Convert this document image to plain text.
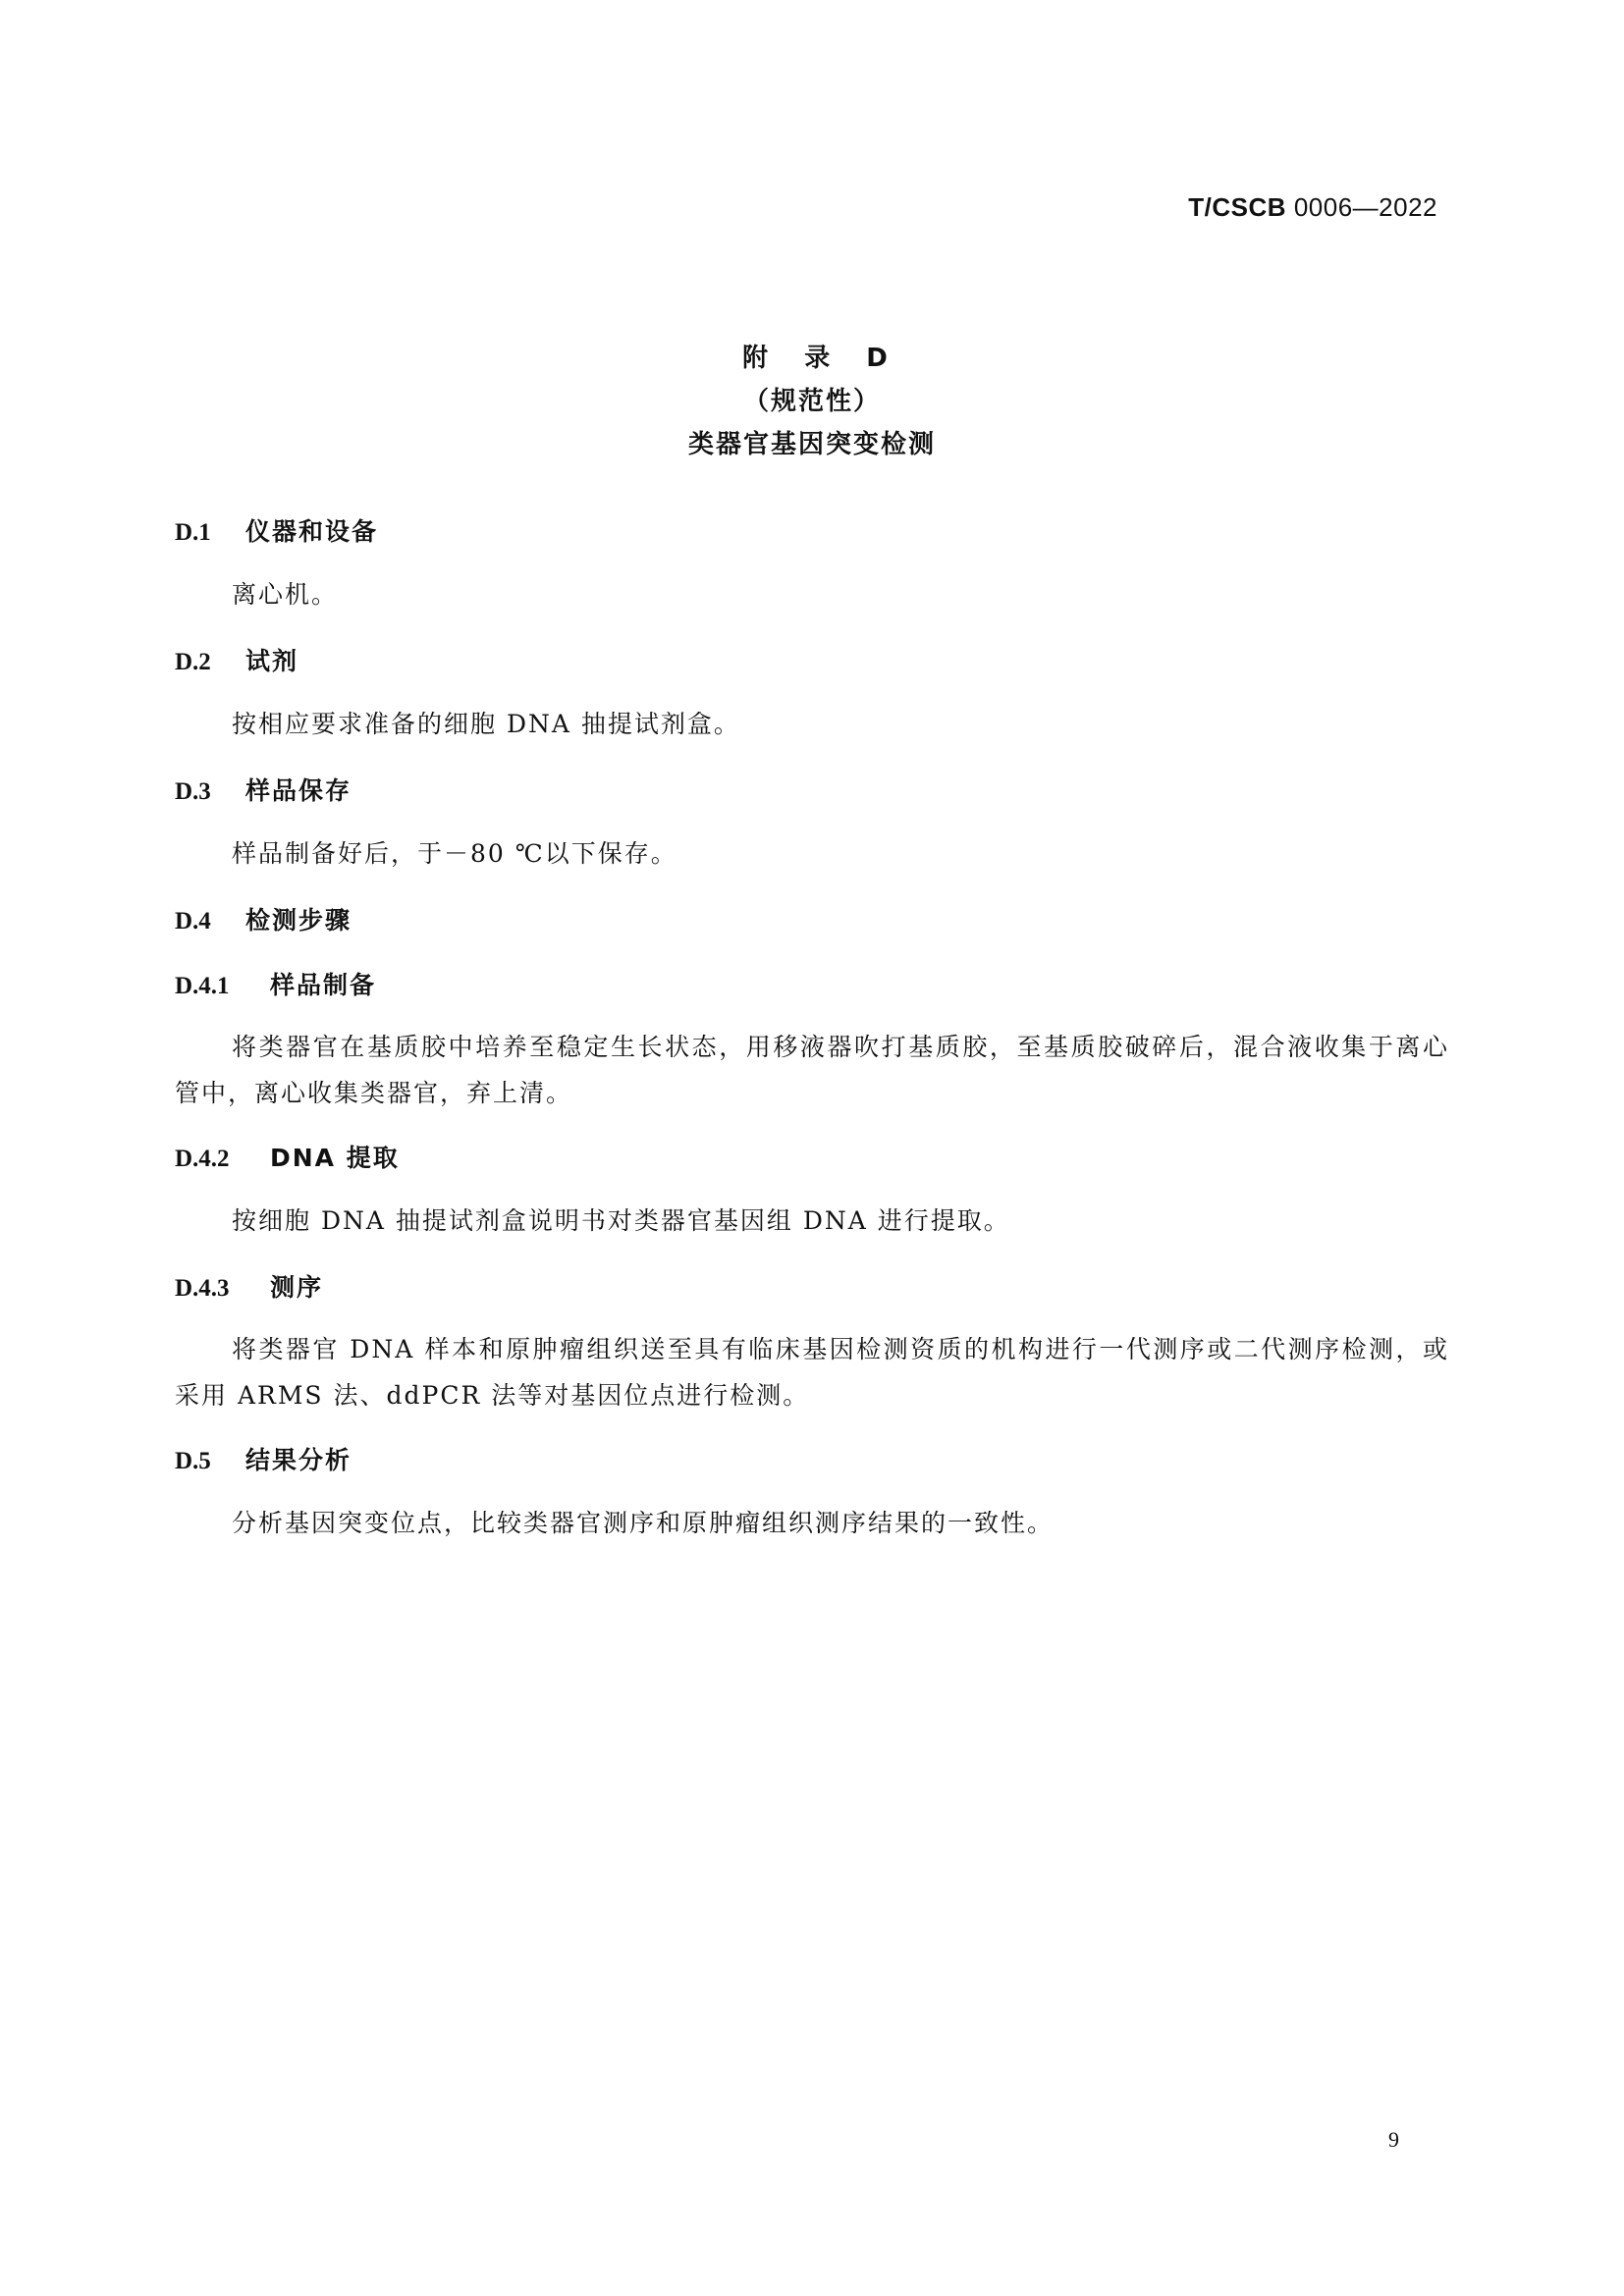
T/CSCB 0006—2022
附 录 D
（规范性）
类器官基因突变检测
D.1 仪器和设备
离心机。
D.2 试剂
按相应要求准备的细胞 DNA 抽提试剂盒。
D.3 样品保存
样品制备好后，于－80 ℃以下保存。
D.4 检测步骤
D.4.1 样品制备
将类器官在基质胶中培养至稳定生长状态，用移液器吹打基质胶，至基质胶破碎后，混合液收集于离心管中，离心收集类器官，弃上清。
D.4.2 DNA 提取
按细胞 DNA 抽提试剂盒说明书对类器官基因组 DNA 进行提取。
D.4.3 测序
将类器官 DNA 样本和原肿瘤组织送至具有临床基因检测资质的机构进行一代测序或二代测序检测，或采用 ARMS 法、ddPCR 法等对基因位点进行检测。
D.5 结果分析
分析基因突变位点，比较类器官测序和原肿瘤组织测序结果的一致性。
9
